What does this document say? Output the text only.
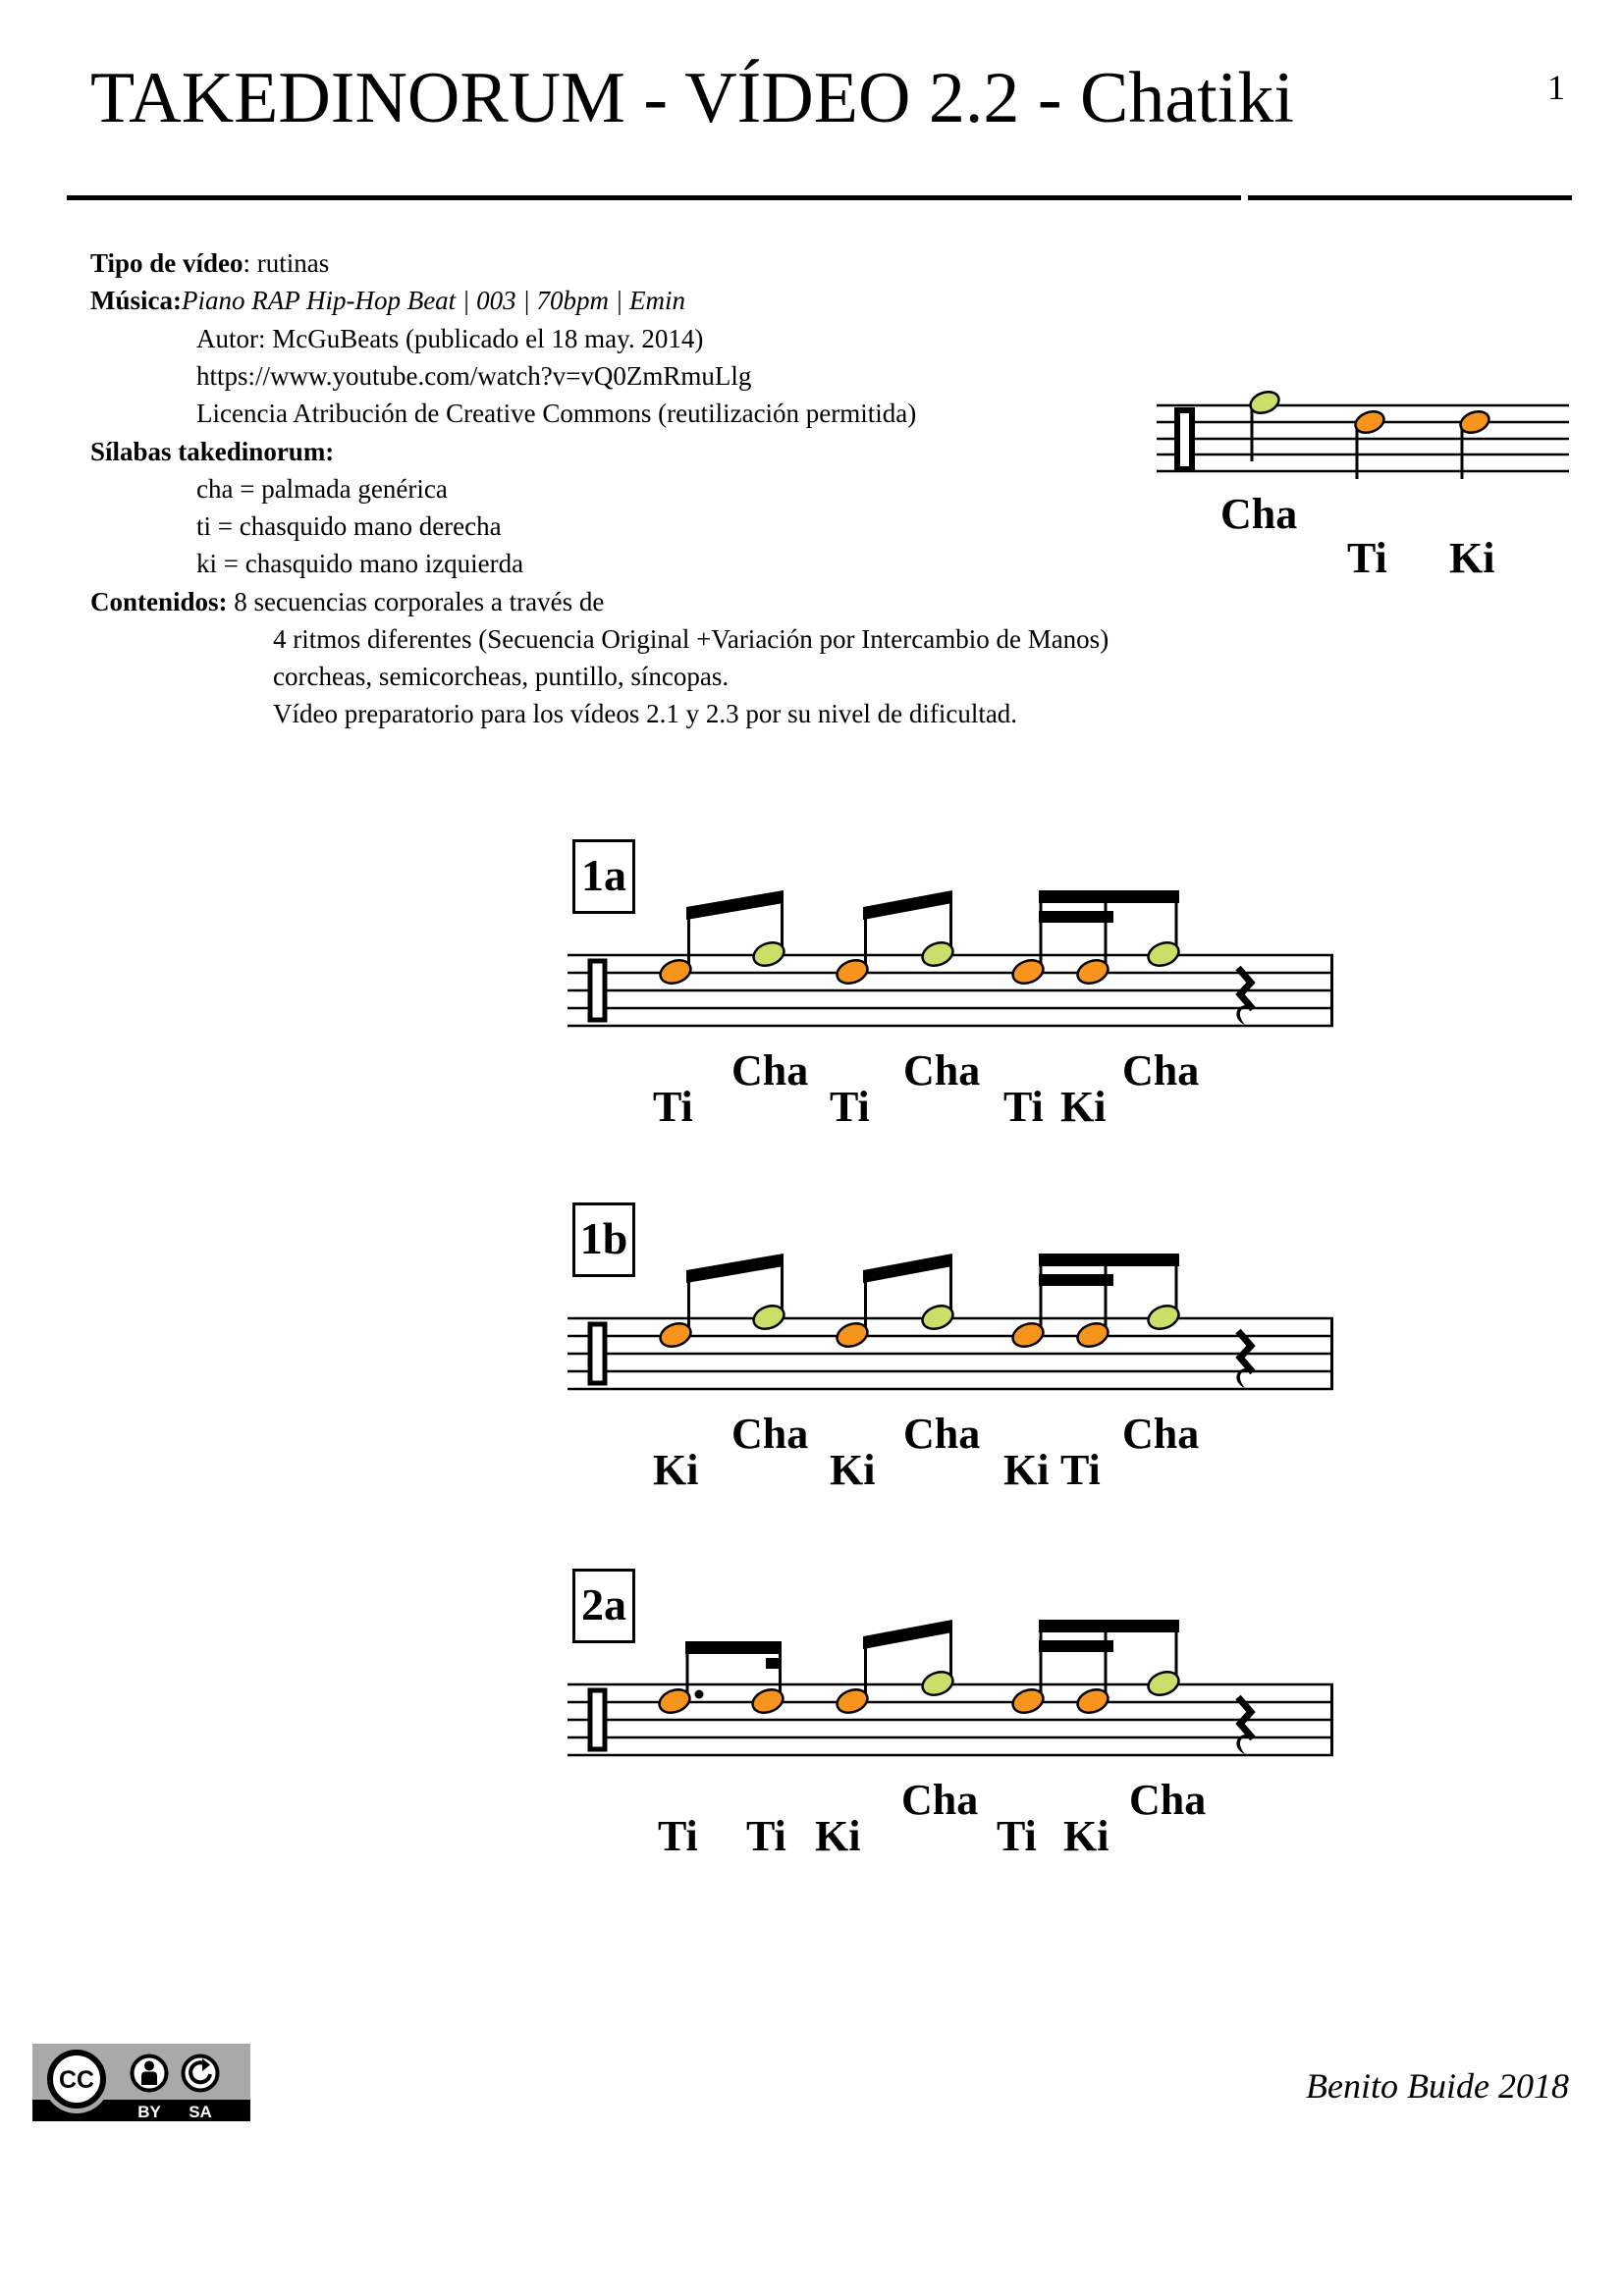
TAKEDINORUM - VÍDEO 2.2 - Chatiki	1
Tipo de vídeo: rutinas
Música:Piano RAP Hip-Hop Beat | 003 | 70bpm | Emin
Autor: McGuBeats (publicado el 18 may. 2014)
https://www.youtube.com/watch?v=vQ0ZmRmuLlg
Licencia Atribución de Creative Commons (reutilización permitida)
Sílabas takedinorum:
cha = palmada genérica
ti = chasquido mano derecha
ki = chasquido mano izquierda
Contenidos: 8 secuencias corporales a través de
4 ritmos diferentes (Secuencia Original +Variación por Intercambio de Manos)
corcheas, semicorcheas, puntillo, síncopas.
Vídeo preparatorio para los vídeos 2.1 y 2.3 por su nivel de dificultad.
Cha
Ti Ki
1a
Ti
Cha
Ti
Cha
Ti Ki
Cha
1b
Ki
Cha
Ki
Cha
Ki Ti
Cha
2a
Ti Ti Ki
Cha
Ti Ki
Cha
CC
BY SA
Benito Buide 2018
